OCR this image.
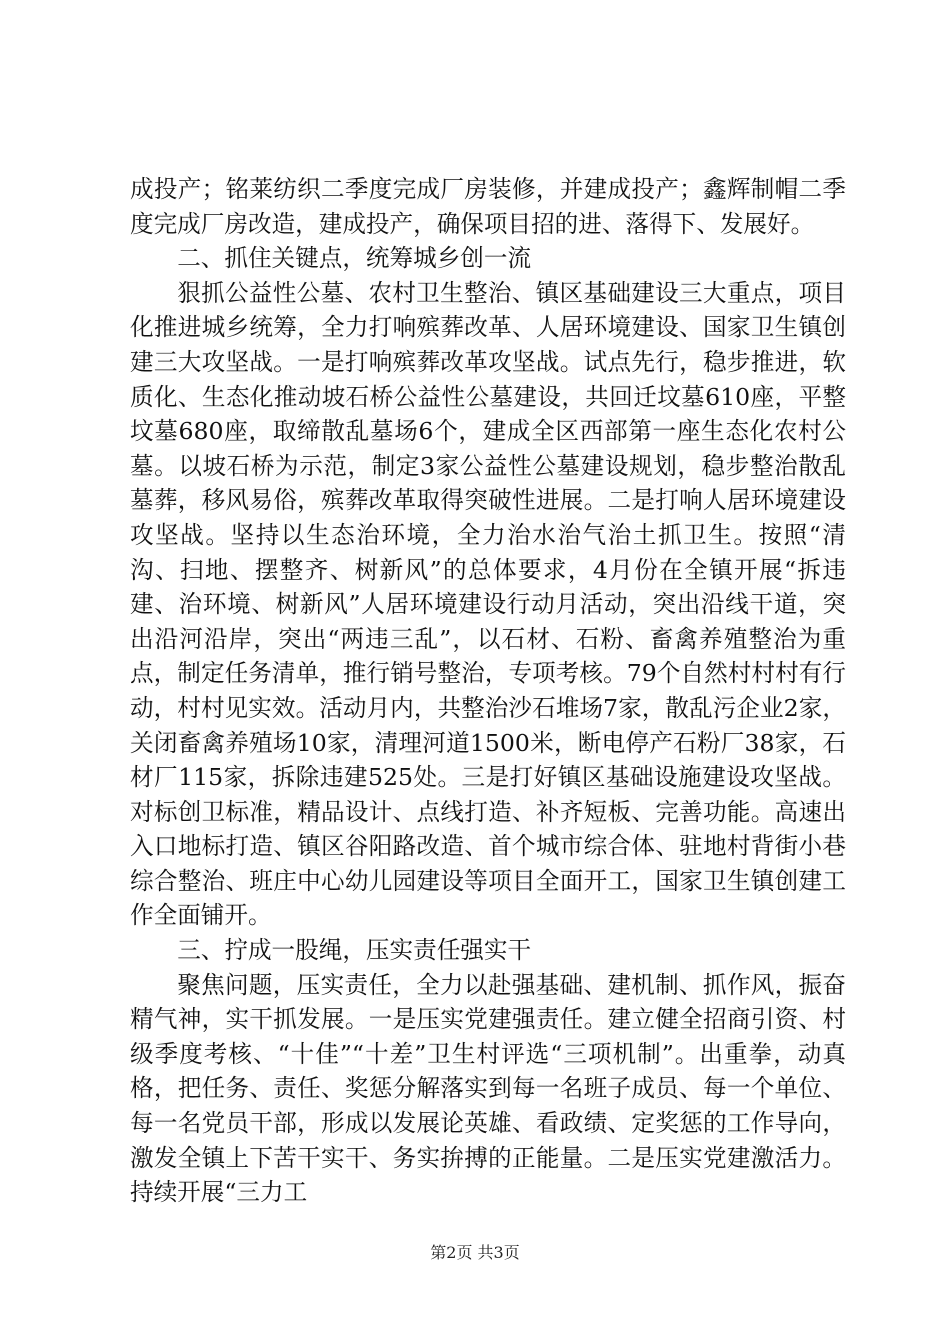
成投产；铭莱纺织二季度完成厂房装修，并建成投产；鑫辉制帽二季度完成厂房改造，建成投产，确保项目招的进、落得下、发展好。

二、抓住关键点，统筹城乡创一流

狠抓公益性公墓、农村卫生整治、镇区基础建设三大重点，项目化推进城乡统筹，全力打响殡葬改革、人居环境建设、国家卫生镇创建三大攻坚战。一是打响殡葬改革攻坚战。试点先行，稳步推进，软质化、生态化推动坡石桥公益性公墓建设，共回迁坟墓610座，平整坟墓680座，取缔散乱墓场6个，建成全区西部第一座生态化农村公墓。以坡石桥为示范，制定3家公益性公墓建设规划，稳步整治散乱墓葬，移风易俗，殡葬改革取得突破性进展。二是打响人居环境建设攻坚战。坚持以生态治环境，全力治水治气治土抓卫生。按照“清沟、扫地、摆整齐、树新风”的总体要求，4月份在全镇开展“拆违建、治环境、树新风”人居环境建设行动月活动，突出沿线干道，突出沿河沿岸，突出“两违三乱”，以石材、石粉、畜禽养殖整治为重点，制定任务清单，推行销号整治，专项考核。79个自然村村村有行动，村村见实效。活动月内，共整治沙石堆场7家，散乱污企业2家，关闭畜禽养殖场10家，清理河道1500米，断电停产石粉厂38家，石材厂115家，拆除违建525处。三是打好镇区基础设施建设攻坚战。对标创卫标准，精品设计、点线打造、补齐短板、完善功能。高速出入口地标打造、镇区谷阳路改造、首个城市综合体、驻地村背街小巷综合整治、班庄中心幼儿园建设等项目全面开工，国家卫生镇创建工作全面铺开。

三、拧成一股绳，压实责任强实干

聚焦问题，压实责任，全力以赴强基础、建机制、抓作风，振奋精气神，实干抓发展。一是压实党建强责任。建立健全招商引资、村级季度考核、“十佳”“十差”卫生村评选“三项机制”。出重拳，动真格，把任务、责任、奖惩分解落实到每一名班子成员、每一个单位、每一名党员干部，形成以发展论英雄、看政绩、定奖惩的工作导向，激发全镇上下苦干实干、务实拚搏的正能量。二是压实党建激活力。持续开展“三力工

第2页 共3页
